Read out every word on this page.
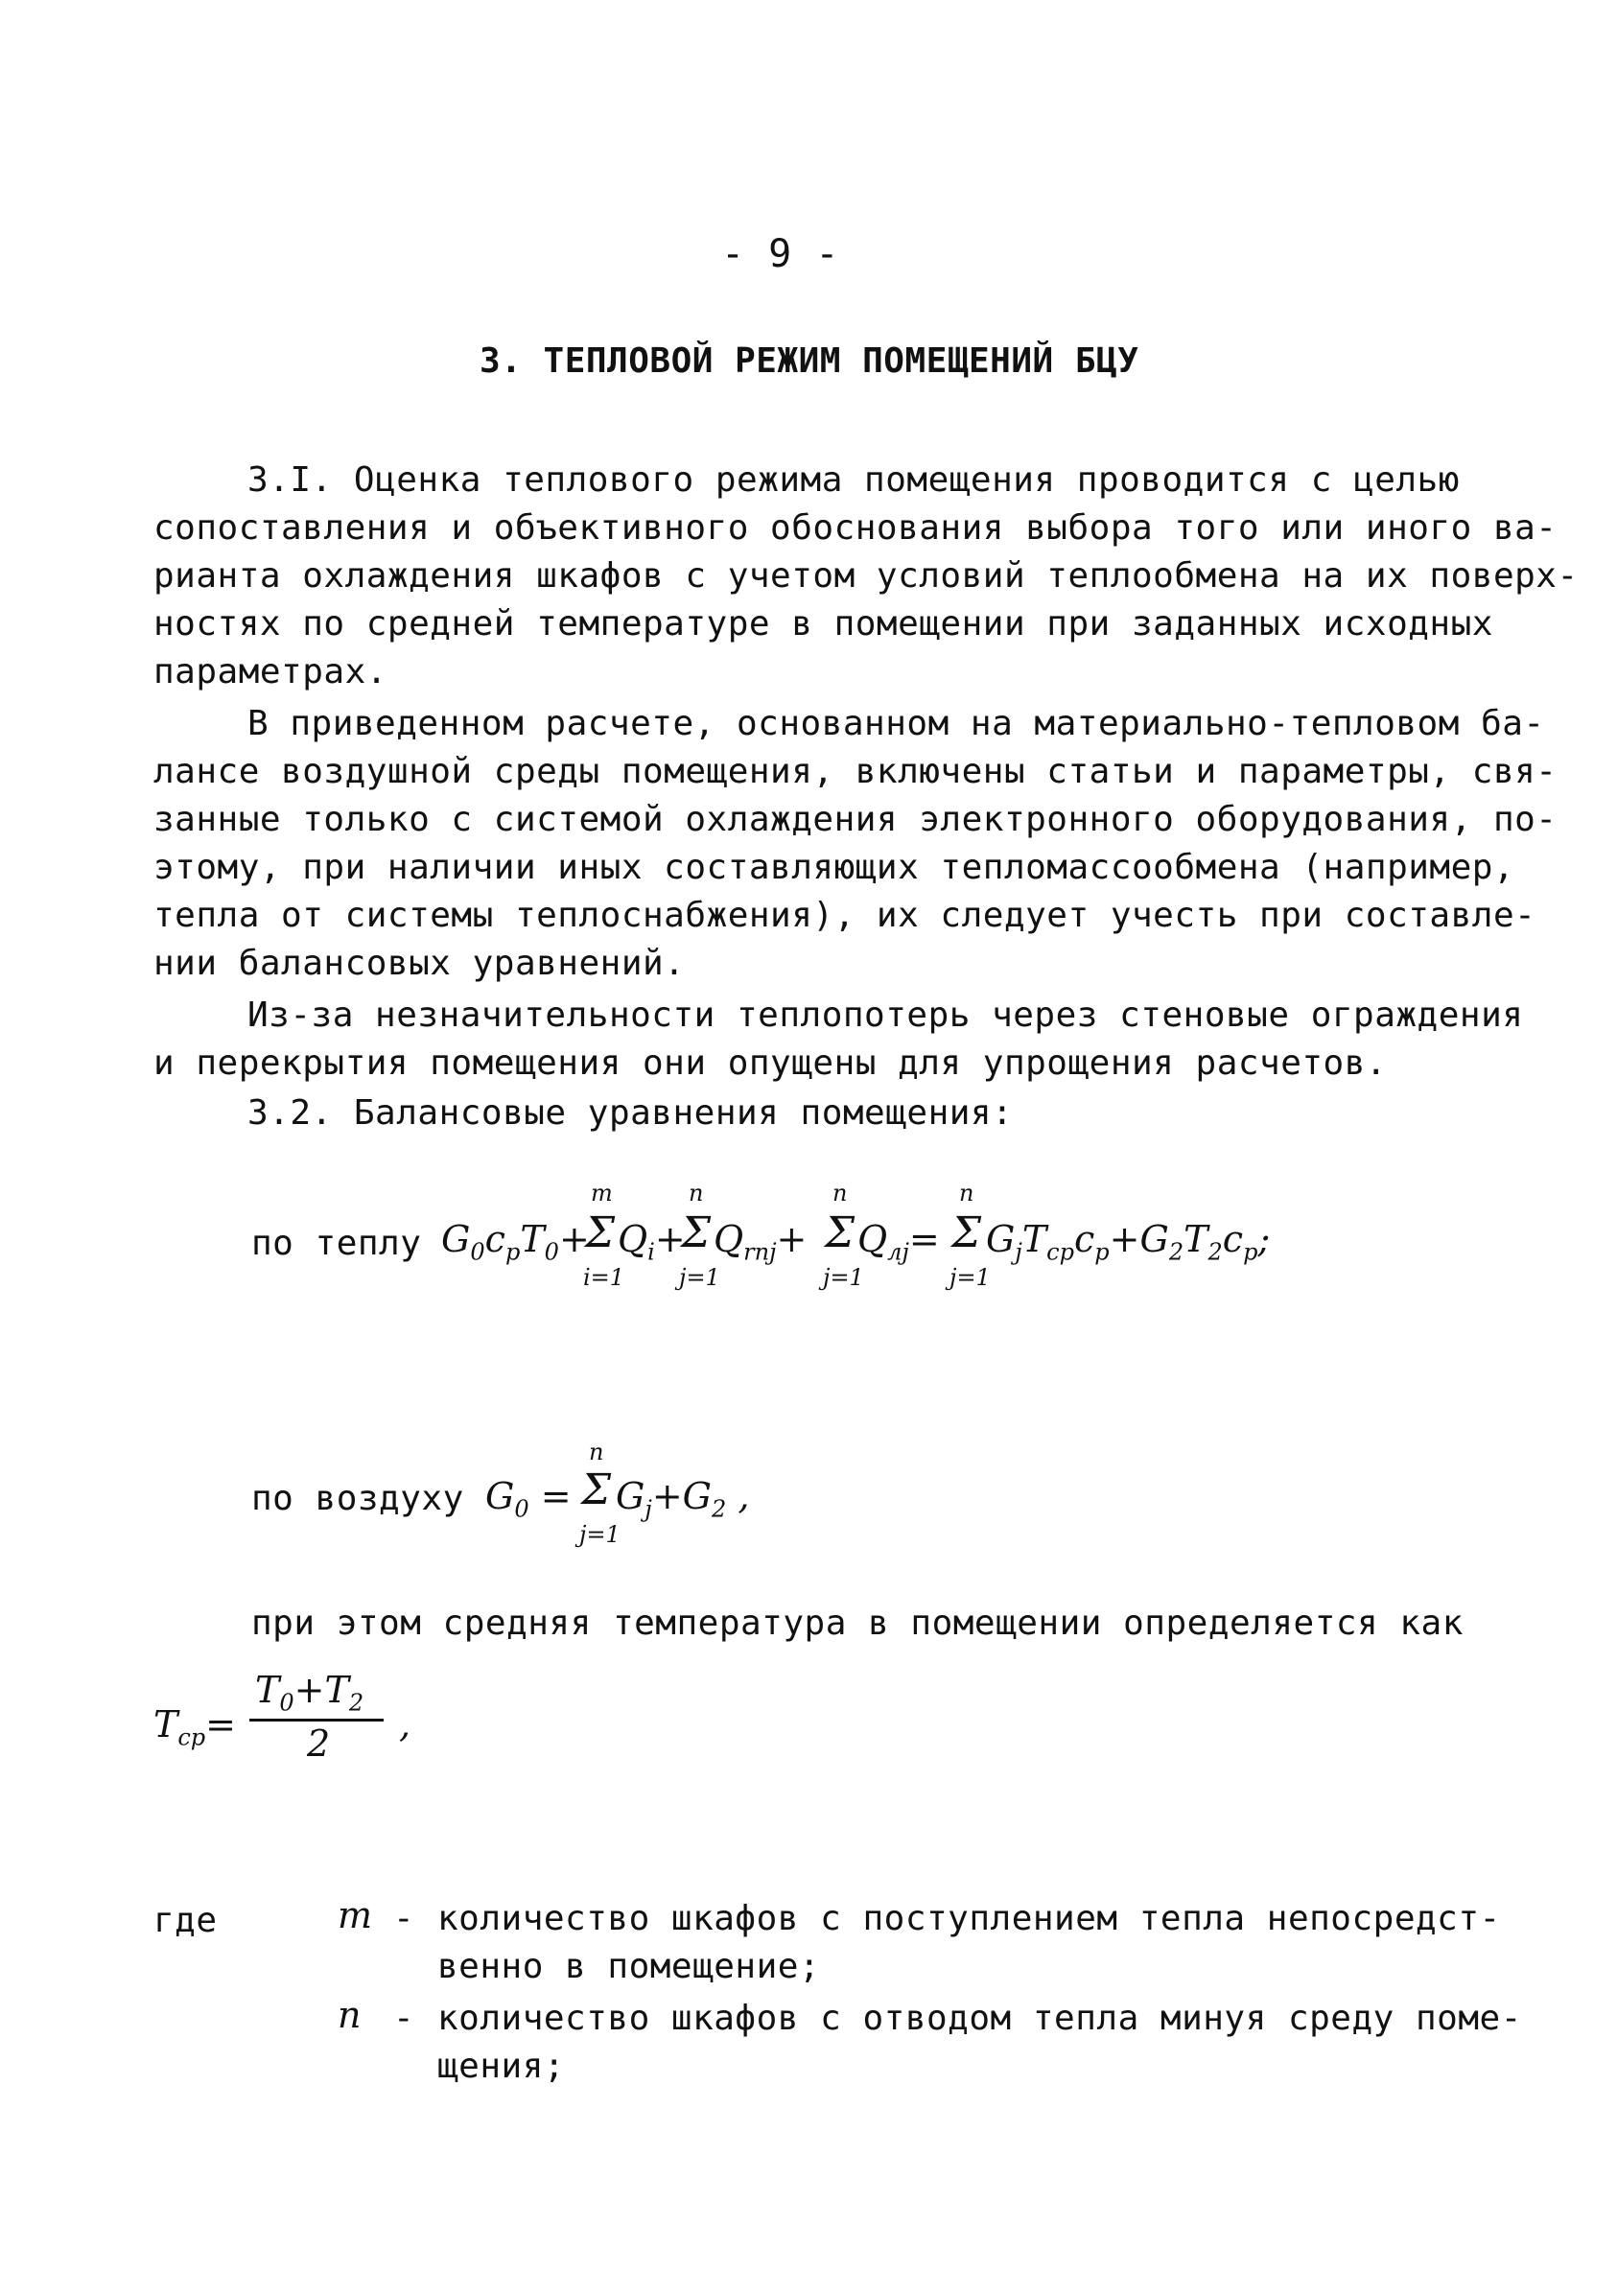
- 9 -
3. ТЕПЛОВОЙ РЕЖИМ ПОМЕЩЕНИЙ БЦУ
3.I. Оценка теплового режима помещения проводится с целью
сопоставления и объективного обоснования выбора того или иного ва-
рианта охлаждения шкафов с учетом условий теплообмена на их поверх-
ностях по средней температуре в помещении при заданных исходных
параметрах.
В приведенном расчете, основанном на материально-тепловом ба-
лансе воздушной среды помещения, включены статьи и параметры, свя-
занные только с системой охлаждения электронного оборудования, по-
этому, при наличии иных составляющих тепломассообмена (например,
тепла от системы теплоснабжения), их следует учесть при составле-
нии балансовых уравнений.
Из-за незначительности теплопотерь через стеновые ограждения
и перекрытия помещения они опущены для упрощения расчетов.
3.2. Балансовые уравнения помещения:
по теплу $G_0c_pT_0+$
m
Σ
i=1
$Q_i+$
n
Σ
j=1
$Q_{rnj}+$
n
Σ
j=1
$Q_{лj}=$
n
Σ
j=1
$G_jT_{cp}c_p+G_2T_2c_p$;
по воздуху $G_0$ =
n
Σ
j=1
$G_j+G_2$ ,
при этом средняя температура в помещении определяется как
$T_{cp}=$
$T_0+T_2$
2 ,
где	m - количество шкафов с поступлением тепла непосредст-
венно в помещение;
n - количество шкафов с отводом тепла минуя среду поме-
щения;
